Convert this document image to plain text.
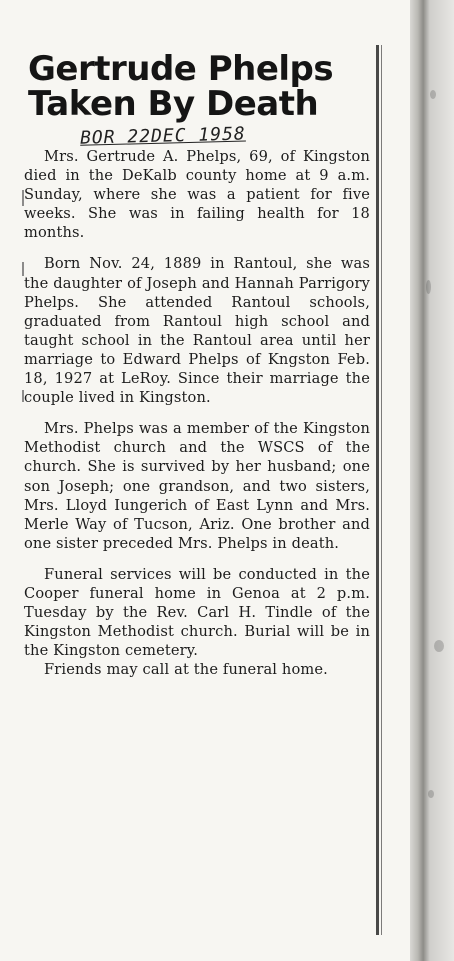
Gertrude Phelps
Taken By Death
BOR 22DEC 1958

Mrs. Gertrude A. Phelps, 69, of Kingston died in the DeKalb county home at 9 a.m. Sunday, where she was a patient for five weeks. She was in failing health for 18 months.

Born Nov. 24, 1889 in Rantoul, she was the daughter of Joseph and Hannah Parrigory Phelps. She attended Rantoul schools, graduated from Rantoul high school and taught school in the Rantoul area until her marriage to Edward Phelps of Kngston Feb. 18, 1927 at LeRoy. Since their marriage the couple lived in Kingston.

Mrs. Phelps was a member of the Kingston Methodist church and the WSCS of the church. She is survived by her husband; one son Joseph; one grandson, and two sisters, Mrs. Lloyd Iungerich of East Lynn and Mrs. Merle Way of Tucson, Ariz. One brother and one sister preceded Mrs. Phelps in death.

Funeral services will be conducted in the Cooper funeral home in Genoa at 2 p.m. Tuesday by the Rev. Carl H. Tindle of the Kingston Methodist church. Burial will be in the Kingston cemetery.

Friends may call at the funeral home.
